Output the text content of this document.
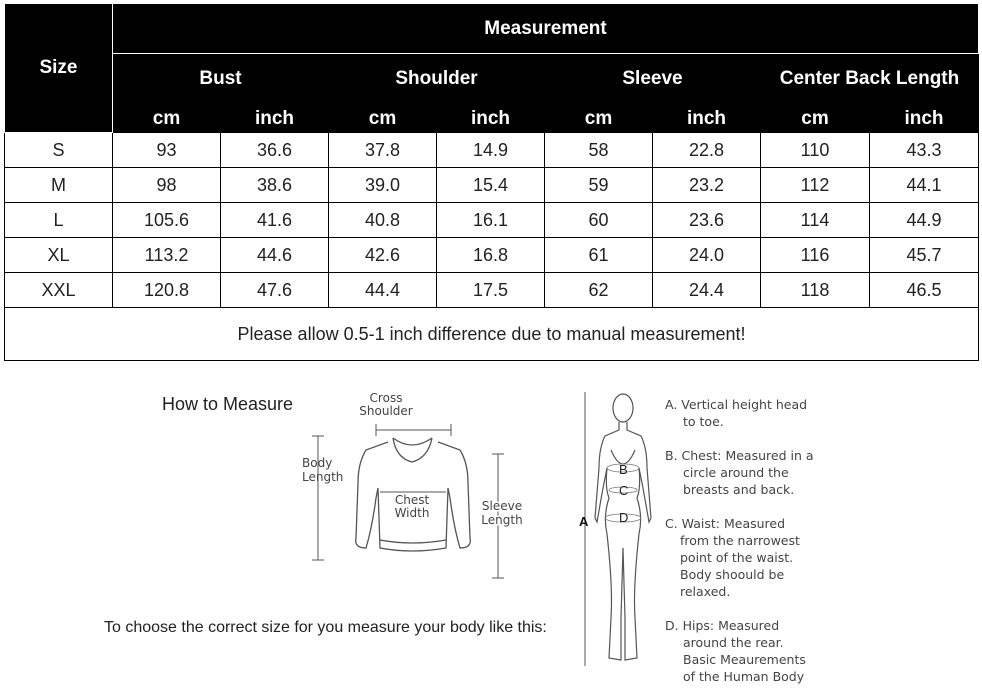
Size	Measurement							
	Bust		Shoulder		Sleeve		Center Back Length	
	cm	inch	cm	inch	cm	inch	cm	inch
S	93	36.6	37.8	14.9	58	22.8	110	43.3
M	98	38.6	39.0	15.4	59	23.2	112	44.1
L	105.6	41.6	40.8	16.1	60	23.6	114	44.9
XL	113.2	44.6	42.6	16.8	61	24.0	116	45.7
XXL	120.8	47.6	44.4	17.5	62	24.4	118	46.5
Please allow 0.5-1 inch difference due to manual measurement!								
How to Measure
To choose the correct size for you measure your body like this:
Cross
Shoulder
Body
Length
Chest
Width	Sleeve
Length	A
B
C
D
A. Vertical height head
to toe.
B. Chest: Measured in a
circle around the
breasts and back.
C. Waist: Measured
from the narrowest
point of the waist.
Body shoould be
relaxed.
D. Hips: Measured
around the rear.
Basic Meaurements
of the Human Body
